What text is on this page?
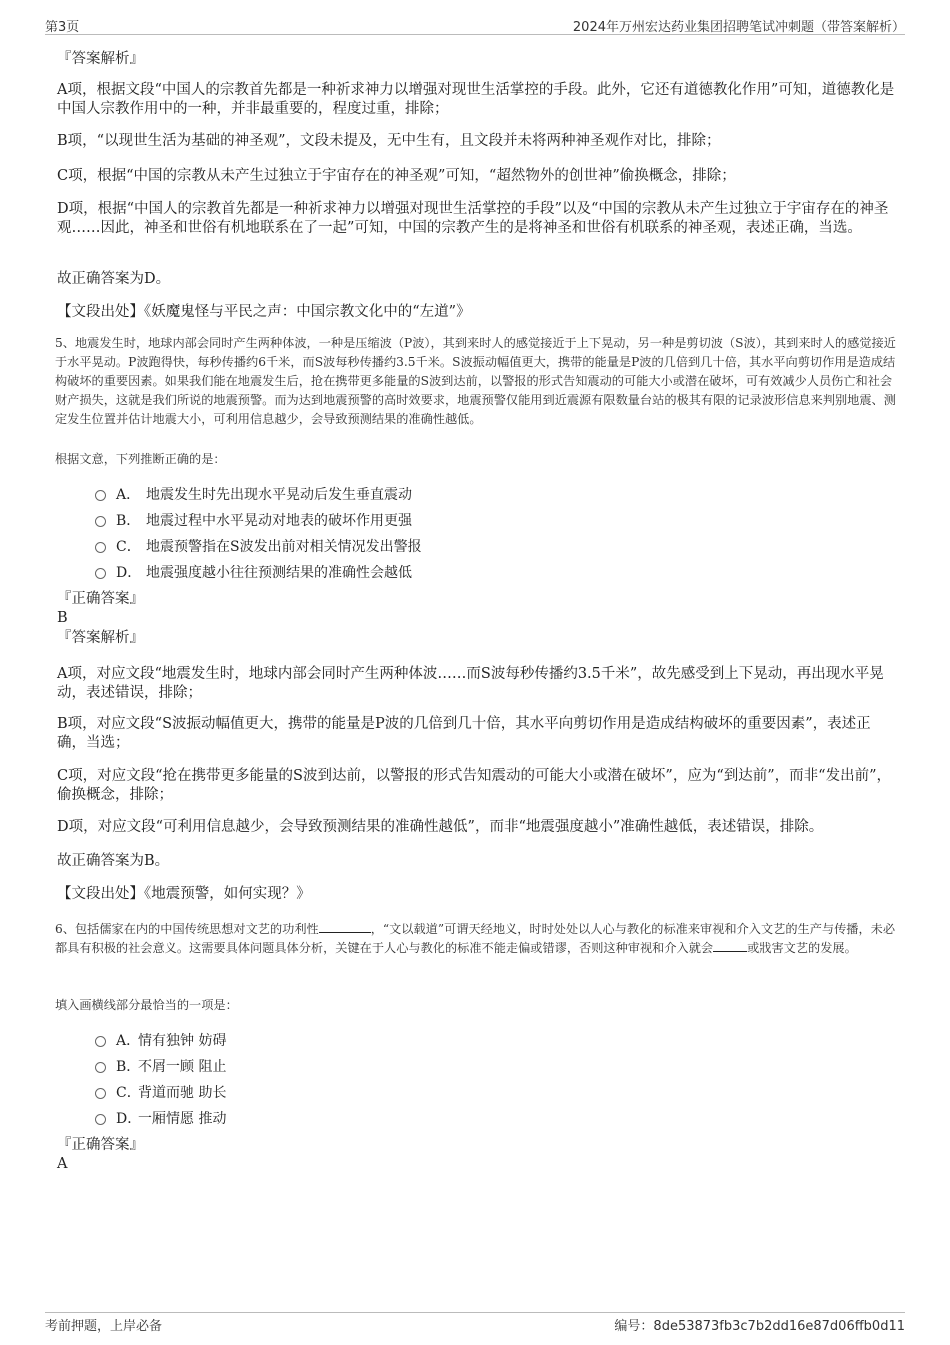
第3页	2024年万州宏达药业集团招聘笔试冲刺题（带答案解析）
『答案解析』
A项，根据文段“中国人的宗教首先都是一种祈求神力以增强对现世生活掌控的手段。此外，它还有道德教化作用”可知，道德教化是中国人宗教作用中的一种，并非最重要的，程度过重，排除；
B项，“以现世生活为基础的神圣观”，文段未提及，无中生有，且文段并未将两种神圣观作对比，排除；
C项，根据“中国的宗教从未产生过独立于宇宙存在的神圣观”可知，“超然物外的创世神”偷换概念，排除；
D项，根据“中国人的宗教首先都是一种祈求神力以增强对现世生活掌控的手段”以及“中国的宗教从未产生过独立于宇宙存在的神圣观……因此，神圣和世俗有机地联系在了一起”可知，中国的宗教产生的是将神圣和世俗有机联系的神圣观，表述正确，当选。
故正确答案为D。
【文段出处】《妖魔鬼怪与平民之声：中国宗教文化中的“左道”》
5、地震发生时，地球内部会同时产生两种体波，一种是压缩波（P波），其到来时人的感觉接近于上下晃动，另一种是剪切波（S波），其到来时人的感觉接近于水平晃动。P波跑得快，每秒传播约6千米，而S波每秒传播约3.5千米。S波振动幅值更大，携带的能量是P波的几倍到几十倍，其水平向剪切作用是造成结构破坏的重要因素。如果我们能在地震发生后，抢在携带更多能量的S波到达前，以警报的形式告知震动的可能大小或潜在破坏，可有效减少人员伤亡和社会财产损失，这就是我们所说的地震预警。而为达到地震预警的高时效要求，地震预警仅能用到近震源有限数量台站的极其有限的记录波形信息来判别地震、测定发生位置并估计地震大小，可利用信息越少，会导致预测结果的准确性越低。
根据文意，下列推断正确的是：
A． 地震发生时先出现水平晃动后发生垂直震动
B． 地震过程中水平晃动对地表的破坏作用更强
C． 地震预警指在S波发出前对相关情况发出警报
D． 地震强度越小往往预测结果的准确性会越低
『正确答案』
B
『答案解析』
A项，对应文段“地震发生时，地球内部会同时产生两种体波……而S波每秒传播约3.5千米”，故先感受到上下晃动，再出现水平晃动，表述错误，排除；
B项，对应文段“S波振动幅值更大，携带的能量是P波的几倍到几十倍，其水平向剪切作用是造成结构破坏的重要因素”，表述正确，当选；
C项，对应文段“抢在携带更多能量的S波到达前，以警报的形式告知震动的可能大小或潜在破坏”，应为“到达前”，而非“发出前”，偷换概念，排除；
D项，对应文段“可利用信息越少，会导致预测结果的准确性越低”，而非“地震强度越小”准确性越低，表述错误，排除。
故正确答案为B。
【文段出处】《地震预警，如何实现？》
6、包括儒家在内的中国传统思想对文艺的功利性	，“文以载道”可谓天经地义，时时处处以人心与教化的标准来审视和介入文艺的生产与传播，未必都具有积极的社会意义。这需要具体问题具体分析，关键在于人心与教化的标准不能走偏或错谬，否则这种审视和介入就会	或戕害文艺的发展。
填入画横线部分最恰当的一项是：
A．
情有独钟 妨碍
B．
不屑一顾 阻止
C．
背道而驰 助长
D．
一厢情愿 推动
『正确答案』
A
考前押题，上岸必备	编号：8de53873fb3c7b2dd16e87d06ffb0d11
